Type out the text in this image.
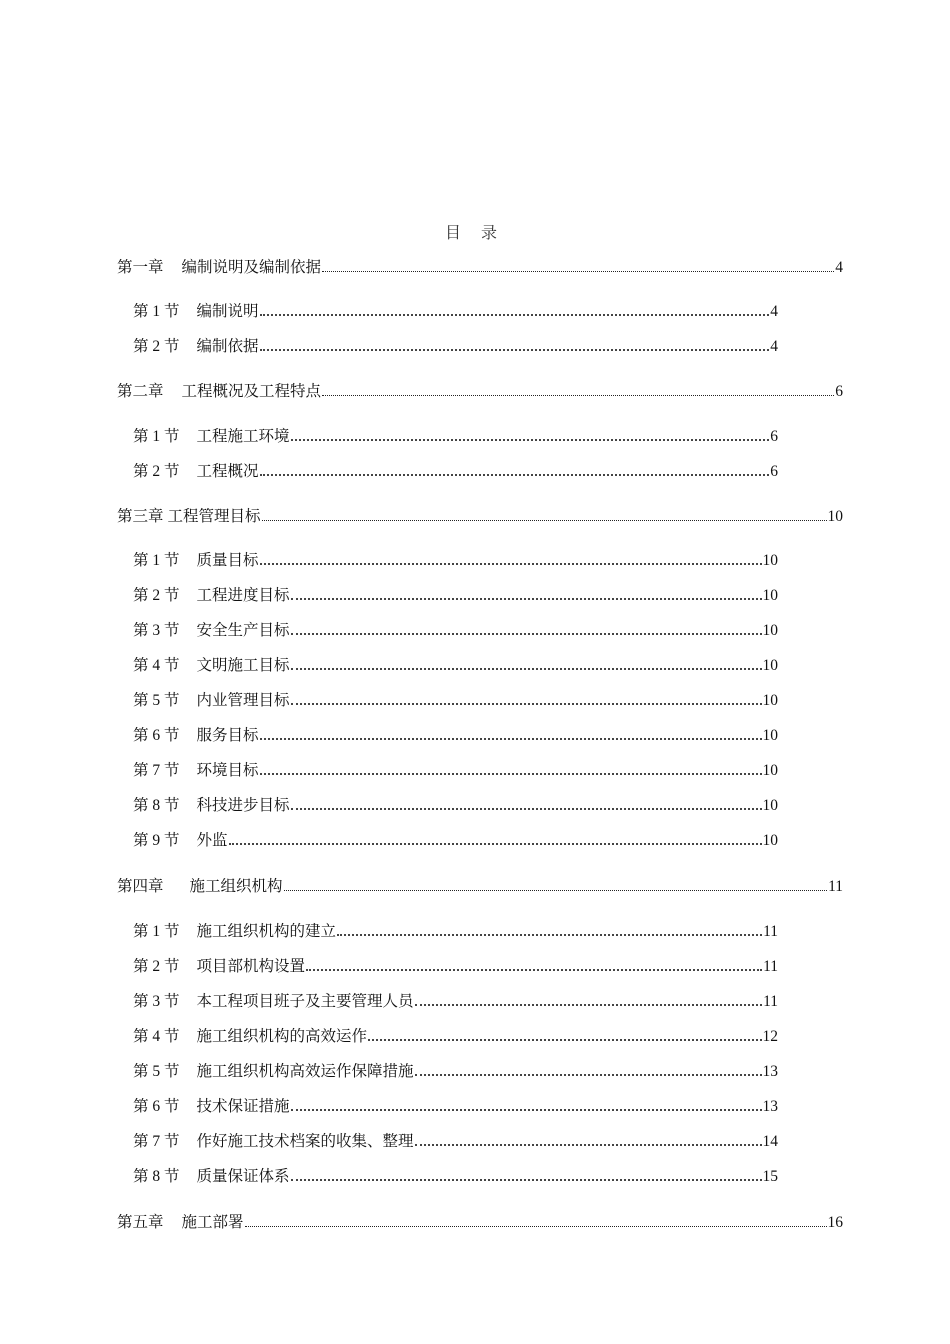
目 录
第一章 编制说明及编制依据	4
第 1 节 编制说明	4
第 2 节 编制依据	4
第二章 工程概况及工程特点	6
第 1 节 工程施工环境	6
第 2 节 工程概况	6
第三章 工程管理目标	10
第 1 节 质量目标	10
第 2 节 工程进度目标	10
第 3 节 安全生产目标	10
第 4 节 文明施工目标	10
第 5 节 内业管理目标	10
第 6 节 服务目标	10
第 7 节 环境目标	10
第 8 节 科技进步目标	10
第 9 节 外监	10
第四章 施工组织机构	11
第 1 节 施工组织机构的建立	11
第 2 节 项目部机构设置	11
第 3 节 本工程项目班子及主要管理人员	11
第 4 节 施工组织机构的高效运作	12
第 5 节 施工组织机构高效运作保障措施	13
第 6 节 技术保证措施	13
第 7 节 作好施工技术档案的收集、整理	14
第 8 节 质量保证体系	15
第五章 施工部署	16
